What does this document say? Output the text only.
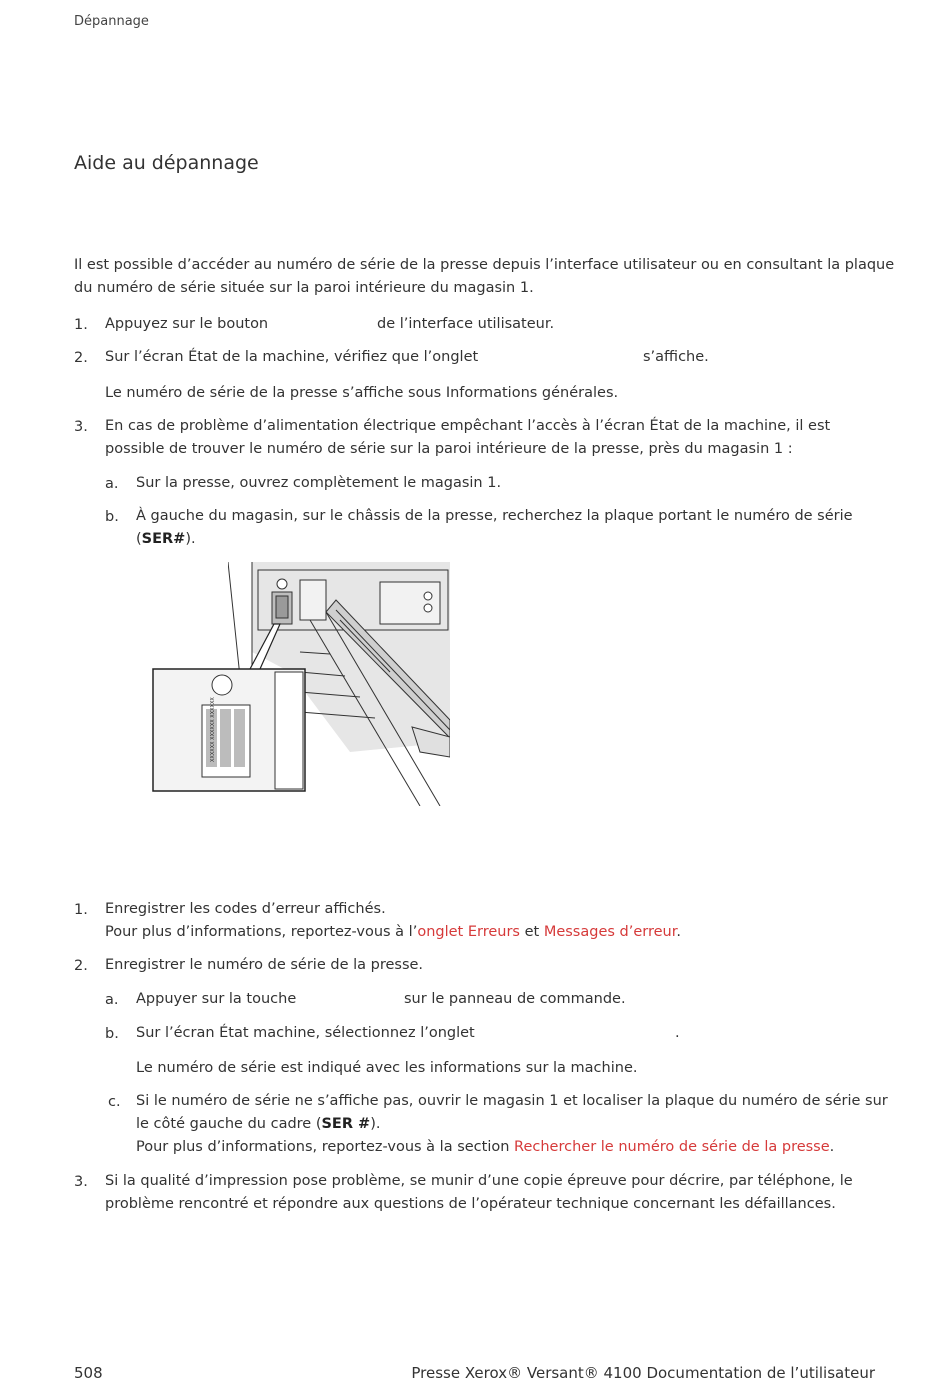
Dépannage
Aide au dépannage
Il est possible d’accéder au numéro de série de la presse depuis l’interface utilisateur ou en consultant la plaque
du numéro de série située sur la paroi intérieure du magasin 1.
1. Appuyez sur le bouton	de l’interface utilisateur.
2. Sur l’écran État de la machine, vérifiez que l’onglet	s’affiche.
Le numéro de série de la presse s’affiche sous Informations générales.
3. En cas de problème d’alimentation électrique empêchant l’accès à l’écran État de la machine, il est
possible de trouver le numéro de série sur la paroi intérieure de la presse, près du magasin 1 :
a. Sur la presse, ouvrez complètement le magasin 1.
b. À gauche du magasin, sur le châssis de la presse, recherchez la plaque portant le numéro de série
(SER#).
XXXXXX XXXXXX XXXXXX
1. Enregistrer les codes d’erreur affichés.
Pour plus d’informations, reportez-vous à l’onglet Erreurs et Messages d’erreur.
2. Enregistrer le numéro de série de la presse.
a. Appuyer sur la touche	sur le panneau de commande.
b. Sur l’écran État machine, sélectionnez l’onglet	.
Le numéro de série est indiqué avec les informations sur la machine.
c. Si le numéro de série ne s’affiche pas, ouvrir le magasin 1 et localiser la plaque du numéro de série sur
le côté gauche du cadre (SER #).
Pour plus d’informations, reportez-vous à la section Rechercher le numéro de série de la presse.
3. Si la qualité d’impression pose problème, se munir d’une copie épreuve pour décrire, par téléphone, le
problème rencontré et répondre aux questions de l’opérateur technique concernant les défaillances.
508	Presse Xerox® Versant® 4100 Documentation de l’utilisateur
